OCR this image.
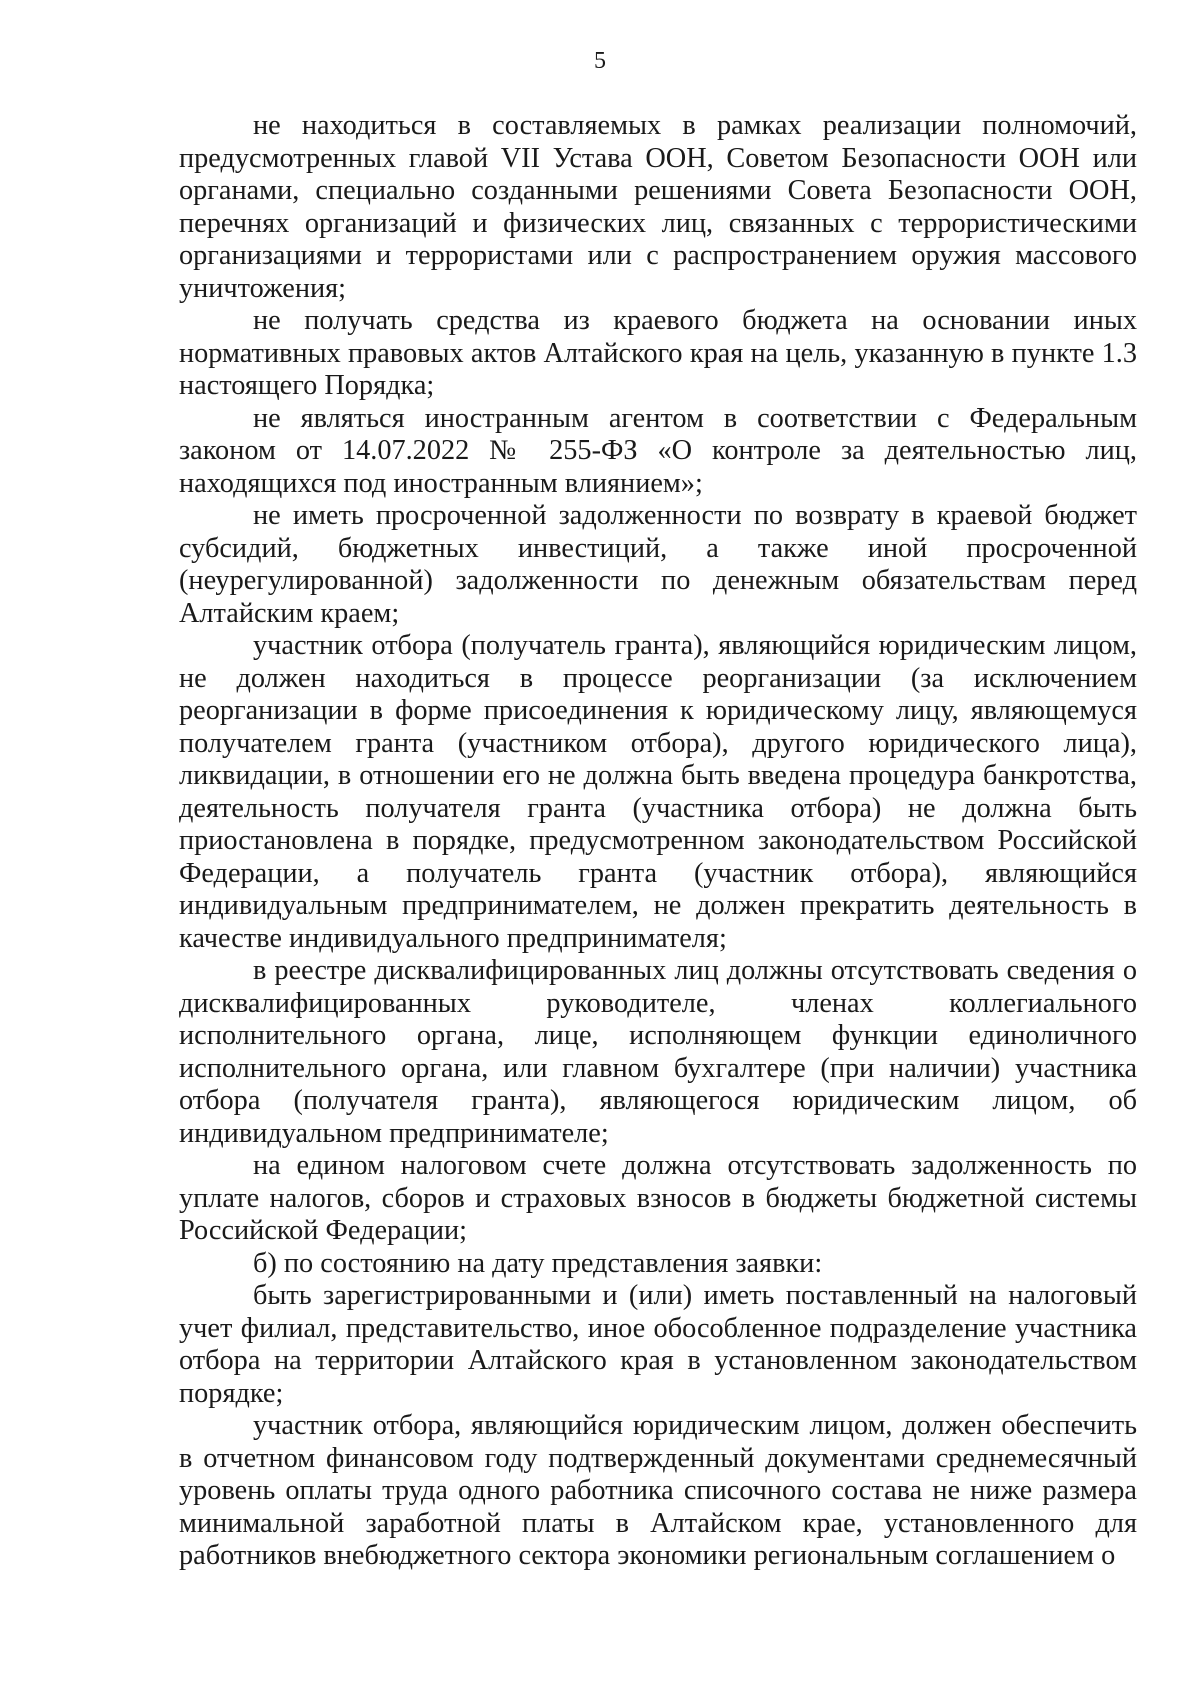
5

не находиться в составляемых в рамках реализации полномочий, предусмотренных главой VII Устава ООН, Советом Безопасности ООН или органами, специально созданными решениями Совета Безопасности ООН, перечнях организаций и физических лиц, связанных с террористическими организациями и террористами или с распространением оружия массового уничтожения;

не получать средства из краевого бюджета на основании иных нормативных правовых актов Алтайского края на цель, указанную в пункте 1.3 настоящего Порядка;

не являться иностранным агентом в соответствии с Федеральным законом от 14.07.2022 № 255-ФЗ «О контроле за деятельностью лиц, находящихся под иностранным влиянием»;

не иметь просроченной задолженности по возврату в краевой бюджет субсидий, бюджетных инвестиций, а также иной просроченной (неурегулированной) задолженности по денежным обязательствам перед Алтайским краем;

участник отбора (получатель гранта), являющийся юридическим лицом, не должен находиться в процессе реорганизации (за исключением реорганизации в форме присоединения к юридическому лицу, являющемуся получателем гранта (участником отбора), другого юридического лица), ликвидации, в отношении его не должна быть введена процедура банкротства, деятельность получателя гранта (участника отбора) не должна быть приостановлена в порядке, предусмотренном законодательством Российской Федерации, а получатель гранта (участник отбора), являющийся индивидуальным предпринимателем, не должен прекратить деятельность в качестве индивидуального предпринимателя;

в реестре дисквалифицированных лиц должны отсутствовать сведения о дисквалифицированных руководителе, членах коллегиального исполнительного органа, лице, исполняющем функции единоличного исполнительного органа, или главном бухгалтере (при наличии) участника отбора (получателя гранта), являющегося юридическим лицом, об индивидуальном предпринимателе;

на едином налоговом счете должна отсутствовать задолженность по уплате налогов, сборов и страховых взносов в бюджеты бюджетной системы Российской Федерации;

б) по состоянию на дату представления заявки:

быть зарегистрированными и (или) иметь поставленный на налоговый учет филиал, представительство, иное обособленное подразделение участника отбора на территории Алтайского края в установленном законодательством порядке;

участник отбора, являющийся юридическим лицом, должен обеспечить в отчетном финансовом году подтвержденный документами среднемесячный уровень оплаты труда одного работника списочного состава не ниже размера минимальной заработной платы в Алтайском крае, установленного для работников внебюджетного сектора экономики региональным соглашением о
